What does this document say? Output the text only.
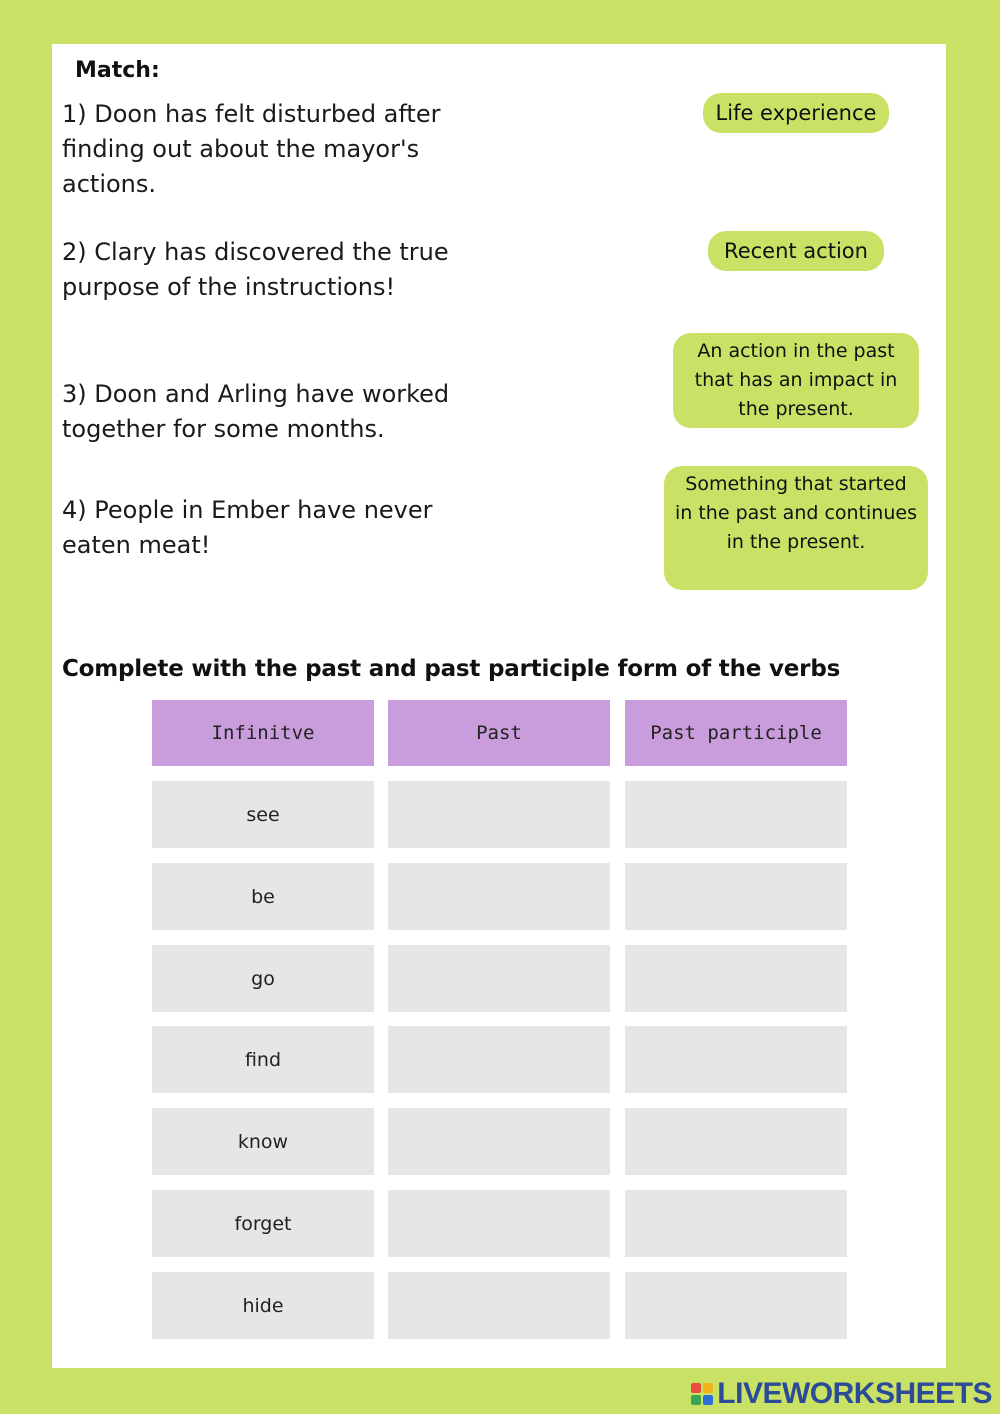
Match:
1) Doon has felt disturbed after finding out about the mayor's actions.
2) Clary has discovered the true purpose of the instructions!
3) Doon and Arling have worked together for some months.
4) People in Ember have never eaten meat!
Life experience
Recent action
An action in the past that has an impact in the present.
Something that started in the past and continues in the present.
Complete with the past and past participle form of the verbs
Infinitve	Past	Past participle
see
be
go
find
know
forget
hide
LIVEWORKSHEETS
